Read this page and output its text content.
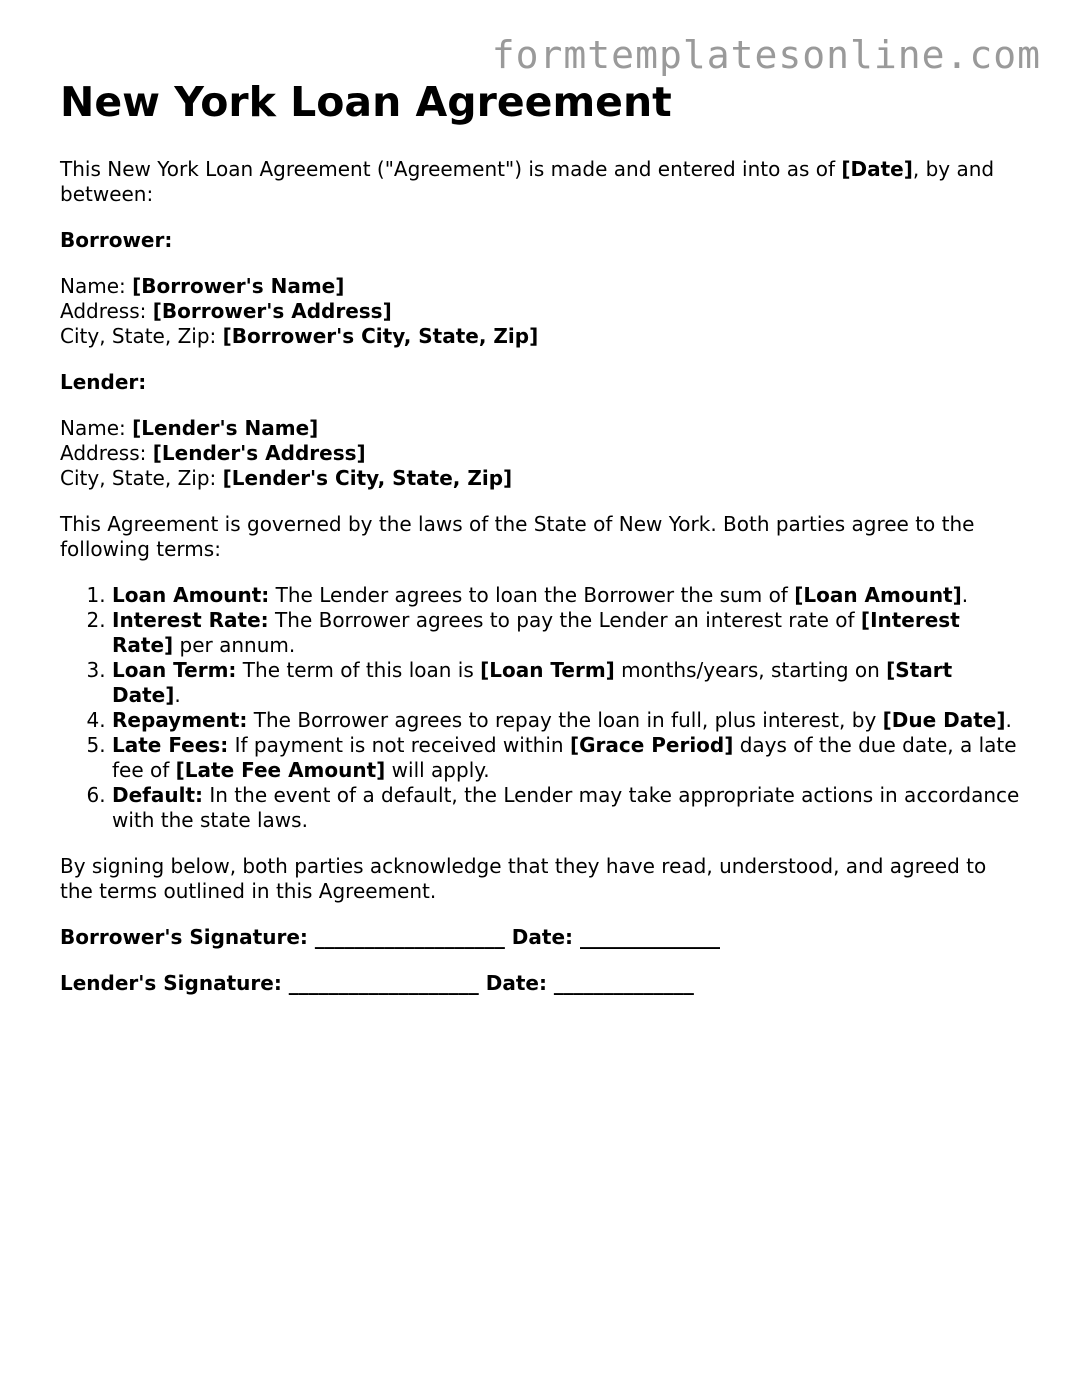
formtemplatesonline.com
New York Loan Agreement

This New York Loan Agreement ("Agreement") is made and entered into as of [Date], by and between:

Borrower:

Name: [Borrower's Name]
Address: [Borrower's Address]
City, State, Zip: [Borrower's City, State, Zip]

Lender:

Name: [Lender's Name]
Address: [Lender's Address]
City, State, Zip: [Lender's City, State, Zip]

This Agreement is governed by the laws of the State of New York. Both parties agree to the following terms:

1. Loan Amount: The Lender agrees to loan the Borrower the sum of [Loan Amount].
2. Interest Rate: The Borrower agrees to pay the Lender an interest rate of [Interest Rate] per annum.
3. Loan Term: The term of this loan is [Loan Term] months/years, starting on [Start Date].
4. Repayment: The Borrower agrees to repay the loan in full, plus interest, by [Due Date].
5. Late Fees: If payment is not received within [Grace Period] days of the due date, a late fee of [Late Fee Amount] will apply.
6. Default: In the event of a default, the Lender may take appropriate actions in accordance with the state laws.

By signing below, both parties acknowledge that they have read, understood, and agreed to the terms outlined in this Agreement.

Borrower's Signature: ___________________ Date: ______________

Lender's Signature: ___________________ Date: ______________
